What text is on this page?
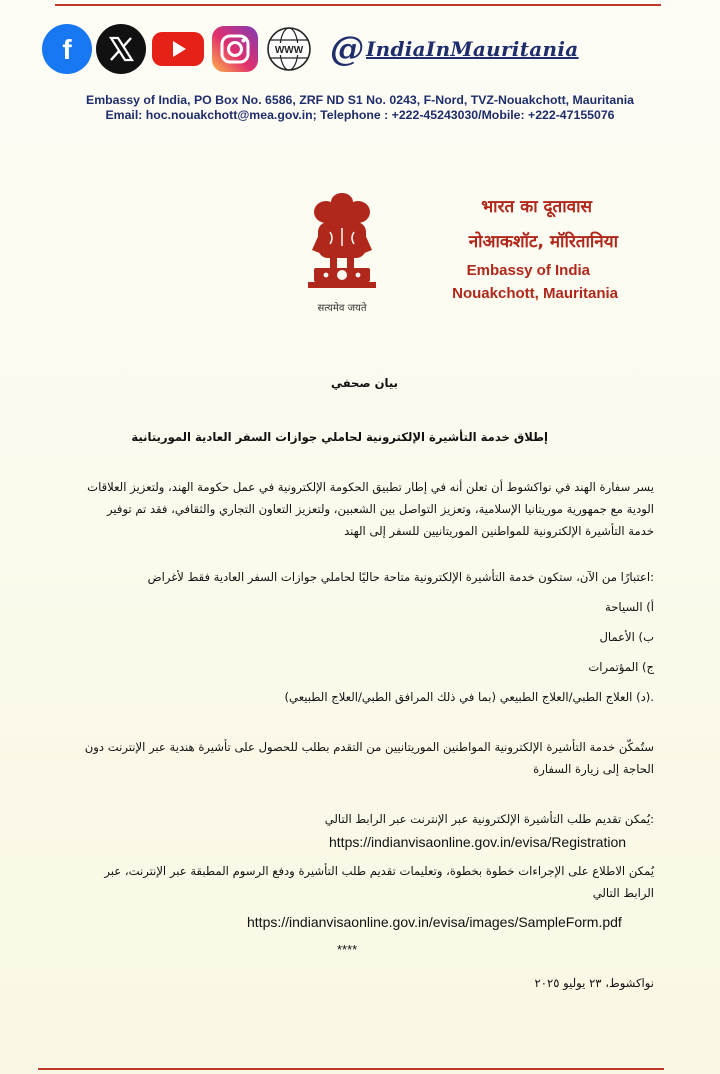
f	WWW @ IndiaInMauritania
Embassy of India, PO Box No. 6586, ZRF ND S1 No. 0243, F-Nord, TVZ-Nouakchott, Mauritania
Email: hoc.nouakchott@mea.gov.in; Telephone : +222-45243030/Mobile: +222-47155076
सत्यमेव जयते
भारत का दूतावास
नोआकशॉट, मॉरितानिया
Embassy of India
Nouakchott, Mauritania
بيان صحفي
إطلاق خدمة التأشيرة الإلكترونية لحاملي جوازات السفر العادية الموريتانية
يسر سفارة الهند في نواكشوط أن تعلن أنه في إطار تطبيق الحكومة الإلكترونية في عمل حكومة الهند، ولتعزيز العلاقات
الودية مع جمهورية موريتانيا الإسلامية، وتعزيز التواصل بين الشعبين، ولتعزيز التعاون التجاري والثقافي، فقد تم توفير
خدمة التأشيرة الإلكترونية للمواطنين الموريتانيين للسفر إلى الهند
:اعتبارًا من الآن، ستكون خدمة التأشيرة الإلكترونية متاحة حاليًا لحاملي جوازات السفر العادية فقط لأغراض
أ) السياحة
ب) الأعمال
ج) المؤتمرات
.(د) العلاج الطبي/العلاج الطبيعي (بما في ذلك المرافق الطبي/العلاج الطبيعي)
ستُمكّن خدمة التأشيرة الإلكترونية المواطنين الموريتانيين من التقدم بطلب للحصول على تأشيرة هندية عبر الإنترنت دون
الحاجة إلى زيارة السفارة
:يُمكن تقديم طلب التأشيرة الإلكترونية عبر الإنترنت عبر الرابط التالي
https://indianvisaonline.gov.in/evisa/Registration
يُمكن الاطلاع على الإجراءات خطوة بخطوة، وتعليمات تقديم طلب التأشيرة ودفع الرسوم المطبقة عبر الإنترنت، عبر
الرابط التالي
https://indianvisaonline.gov.in/evisa/images/SampleForm.pdf
****
نواكشوط، ٢٣ يوليو ٢٠٢٥
